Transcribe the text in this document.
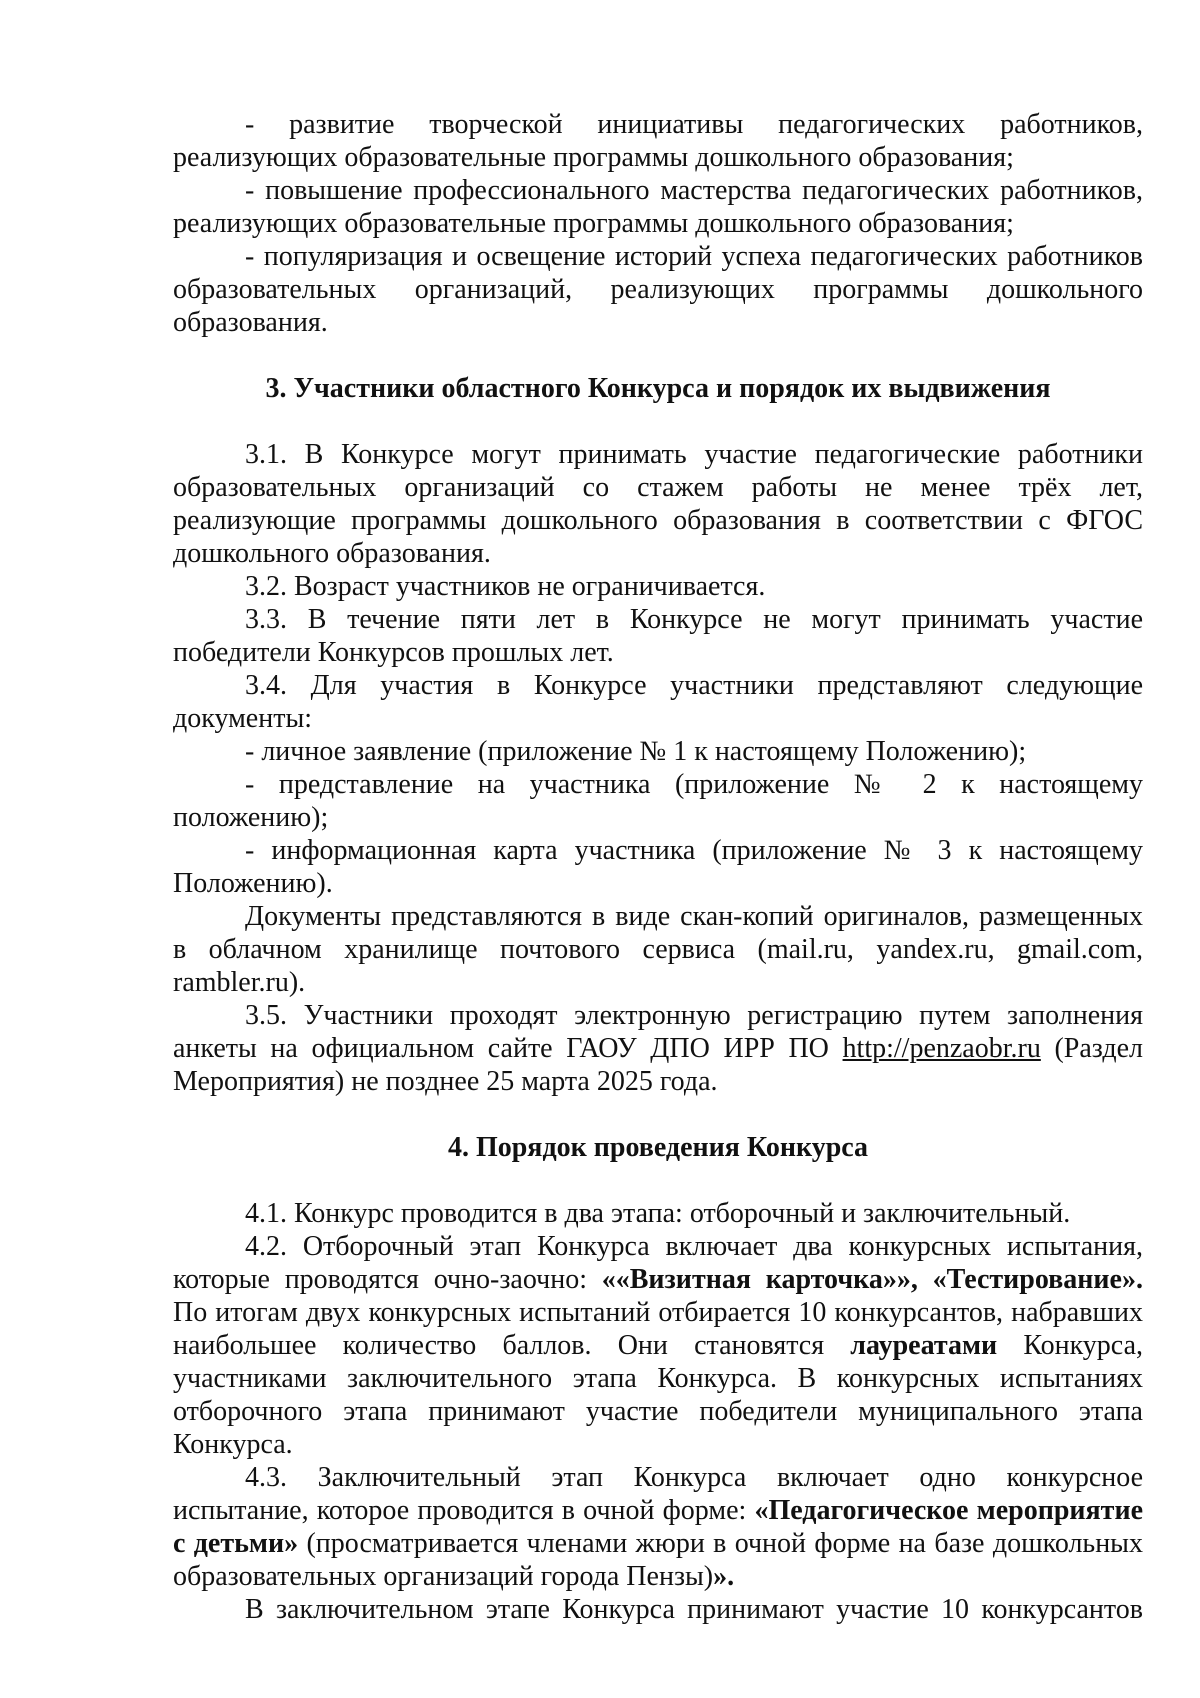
- развитие творческой инициативы педагогических работников, реализующих образовательные программы дошкольного образования;

- повышение профессионального мастерства педагогических работников, реализующих образовательные программы дошкольного образования;

- популяризация и освещение историй успеха педагогических работников образовательных организаций, реализующих программы дошкольного образования.

3. Участники областного Конкурса и порядок их выдвижения

3.1. В Конкурсе могут принимать участие педагогические работники образовательных организаций со стажем работы не менее трёх лет, реализующие программы дошкольного образования в соответствии с ФГОС дошкольного образования.

3.2. Возраст участников не ограничивается.

3.3. В течение пяти лет в Конкурсе не могут принимать участие победители Конкурсов прошлых лет.

3.4. Для участия в Конкурсе участники представляют следующие документы:

- личное заявление (приложение № 1 к настоящему Положению);

- представление на участника (приложение № 2 к настоящему положению);

- информационная карта участника (приложение № 3 к настоящему Положению).

Документы представляются в виде скан-копий оригиналов, размещенных в облачном хранилище почтового сервиса (mail.ru, yandex.ru, gmail.com, rambler.ru).

3.5. Участники проходят электронную регистрацию путем заполнения анкеты на официальном сайте ГАОУ ДПО ИРР ПО http://penzaobr.ru (Раздел Мероприятия) не позднее 25 марта 2025 года.

4. Порядок проведения Конкурса

4.1. Конкурс проводится в два этапа: отборочный и заключительный.

4.2. Отборочный этап Конкурса включает два конкурсных испытания, которые проводятся очно-заочно: ««Визитная карточка»», «Тестирование». По итогам двух конкурсных испытаний отбирается 10 конкурсантов, набравших наибольшее количество баллов. Они становятся лауреатами Конкурса, участниками заключительного этапа Конкурса. В конкурсных испытаниях отборочного этапа принимают участие победители муниципального этапа Конкурса.

4.3. Заключительный этап Конкурса включает одно конкурсное испытание, которое проводится в очной форме: «Педагогическое мероприятие с детьми» (просматривается членами жюри в очной форме на базе дошкольных образовательных организаций города Пензы)».

В заключительном этапе Конкурса принимают участие 10 конкурсантов
